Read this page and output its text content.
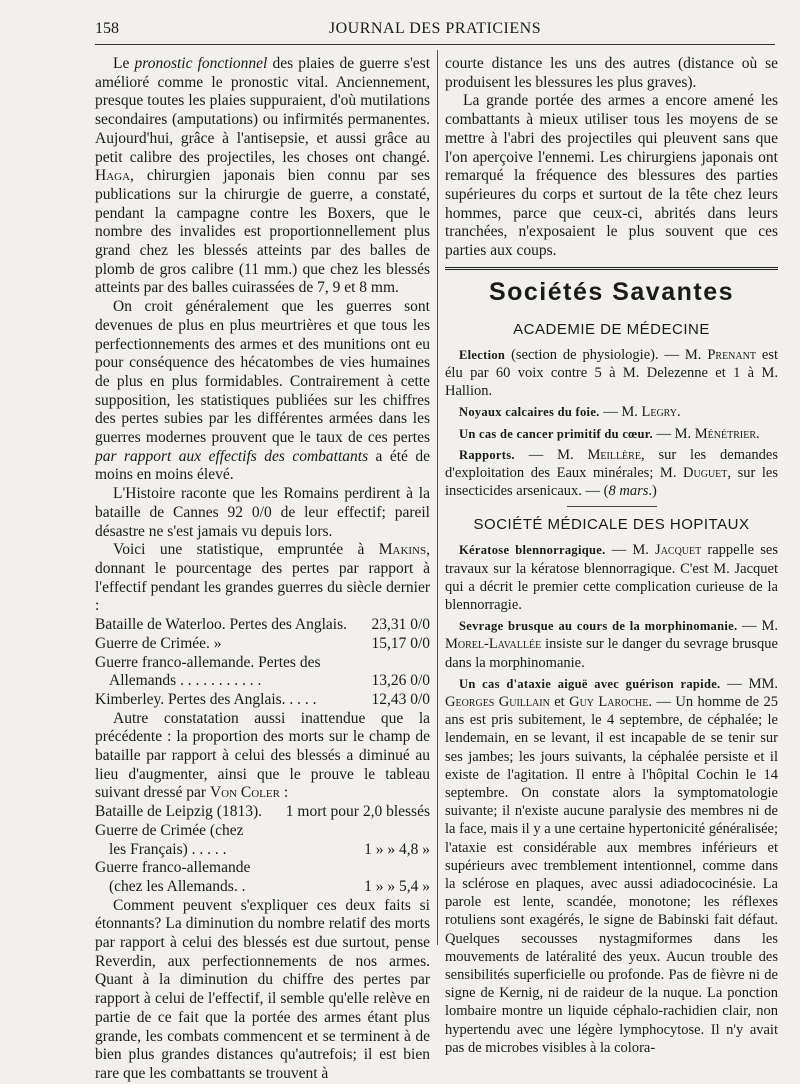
158	JOURNAL DES PRATICIENS

Le pronostic fonctionnel des plaies de guerre s'est amélioré comme le pronostic vital. Anciennement, presque toutes les plaies suppuraient, d'où mutilations secondaires (amputations) ou infirmités permanentes. Aujourd'hui, grâce à l'antisepsie, et aussi grâce au petit calibre des projectiles, les choses ont changé. Haga, chirurgien japonais bien connu par ses publications sur la chirurgie de guerre, a constaté, pendant la campagne contre les Boxers, que le nombre des invalides est proportionnellement plus grand chez les blessés atteints par des balles de plomb de gros calibre (11 mm.) que chez les blessés atteints par des balles cuirassées de 7, 9 et 8 mm.

On croit généralement que les guerres sont devenues de plus en plus meurtrières et que tous les perfectionnements des armes et des munitions ont eu pour conséquence des hécatombes de vies humaines de plus en plus formidables. Contrairement à cette supposition, les statistiques publiées sur les chiffres des pertes subies par les différentes armées dans les guerres modernes prouvent que le taux de ces pertes par rapport aux effectifs des combattants a été de moins en moins élevé.

L'Histoire raconte que les Romains perdirent à la bataille de Cannes 92 0/0 de leur effectif; pareil désastre ne s'est jamais vu depuis lors.

Voici une statistique, empruntée à Makins, donnant le pourcentage des pertes par rapport à l'effectif pendant les grandes guerres du siècle dernier :

Bataille de Waterloo. Pertes des Anglais.	23,31 0/0
Guerre de Crimée. »	15,17 0/0
Guerre franco-allemande. Pertes des	
Allemands . . . . . . . . . . .	13,26 0/0
Kimberley. Pertes des Anglais. . . . .	12,43 0/0

Autre constatation aussi inattendue que la précédente : la proportion des morts sur le champ de bataille par rapport à celui des blessés a diminué au lieu d'augmenter, ainsi que le prouve le tableau suivant dressé par Von Coler :

Bataille de Leipzig (1813).	1 mort pour 2,0 blessés
Guerre de Crimée (chez	
les Français) . . . . .	1 » » 4,8 »
Guerre franco-allemande	
(chez les Allemands. .	1 » » 5,4 »

Comment peuvent s'expliquer ces deux faits si étonnants? La diminution du nombre relatif des morts par rapport à celui des blessés est due surtout, pense Reverdin, aux perfectionnements de nos armes. Quant à la diminution du chiffre des pertes par rapport à celui de l'effectif, il semble qu'elle relève en partie de ce fait que la portée des armes étant plus grande, les combats commencent et se terminent à de bien plus grandes distances qu'autrefois; il est bien rare que les combattants se trouvent à

courte distance les uns des autres (distance où se produisent les blessures les plus graves).

La grande portée des armes a encore amené les combattants à mieux utiliser tous les moyens de se mettre à l'abri des projectiles qui pleuvent sans que l'on aperçoive l'ennemi. Les chirurgiens japonais ont remarqué la fréquence des blessures des parties supérieures du corps et surtout de la tête chez leurs hommes, parce que ceux-ci, abrités dans leurs tranchées, n'exposaient le plus souvent que ces parties aux coups.

Sociétés Savantes
ACADEMIE DE MÉDECINE

Election (section de physiologie). — M. Prenant est élu par 60 voix contre 5 à M. Delezenne et 1 à M. Hallion.

Noyaux calcaires du foie. — M. Legry.

Un cas de cancer primitif du cœur. — M. Ménétrier.

Rapports. — M. Meillère, sur les demandes d'exploitation des Eaux minérales; M. Duguet, sur les insecticides arsenicaux. — (8 mars.)

SOCIÉTÉ MÉDICALE DES HOPITAUX

Kératose blennorragique. — M. Jacquet rappelle ses travaux sur la kératose blennorragique. C'est M. Jacquet qui a décrit le premier cette complication curieuse de la blennorragie.

Sevrage brusque au cours de la morphinomanie. — M. Morel-Lavallée insiste sur le danger du sevrage brusque dans la morphinomanie.

Un cas d'ataxie aiguë avec guérison rapide. — MM. Georges Guillain et Guy Laroche. — Un homme de 25 ans est pris subitement, le 4 septembre, de céphalée; le lendemain, en se levant, il est incapable de se tenir sur ses jambes; les jours suivants, la céphalée persiste et il existe de l'agitation. Il entre à l'hôpital Cochin le 14 septembre. On constate alors la symptomatologie suivante; il n'existe aucune paralysie des membres ni de la face, mais il y a une certaine hypertonicité généralisée; l'ataxie est considérable aux membres inférieurs et supérieurs avec tremblement intentionnel, comme dans la sclérose en plaques, avec aussi adiadococinésie. La parole est lente, scandée, monotone; les réflexes rotuliens sont exagérés, le signe de Babinski fait défaut. Quelques secousses nystagmiformes dans les mouvements de latéralité des yeux. Aucun trouble des sensibilités superficielle ou profonde. Pas de fièvre ni de signe de Kernig, ni de raideur de la nuque. La ponction lombaire montre un liquide céphalo-rachidien clair, non hypertendu avec une légère lymphocytose. Il n'y avait pas de microbes visibles à la colora-
